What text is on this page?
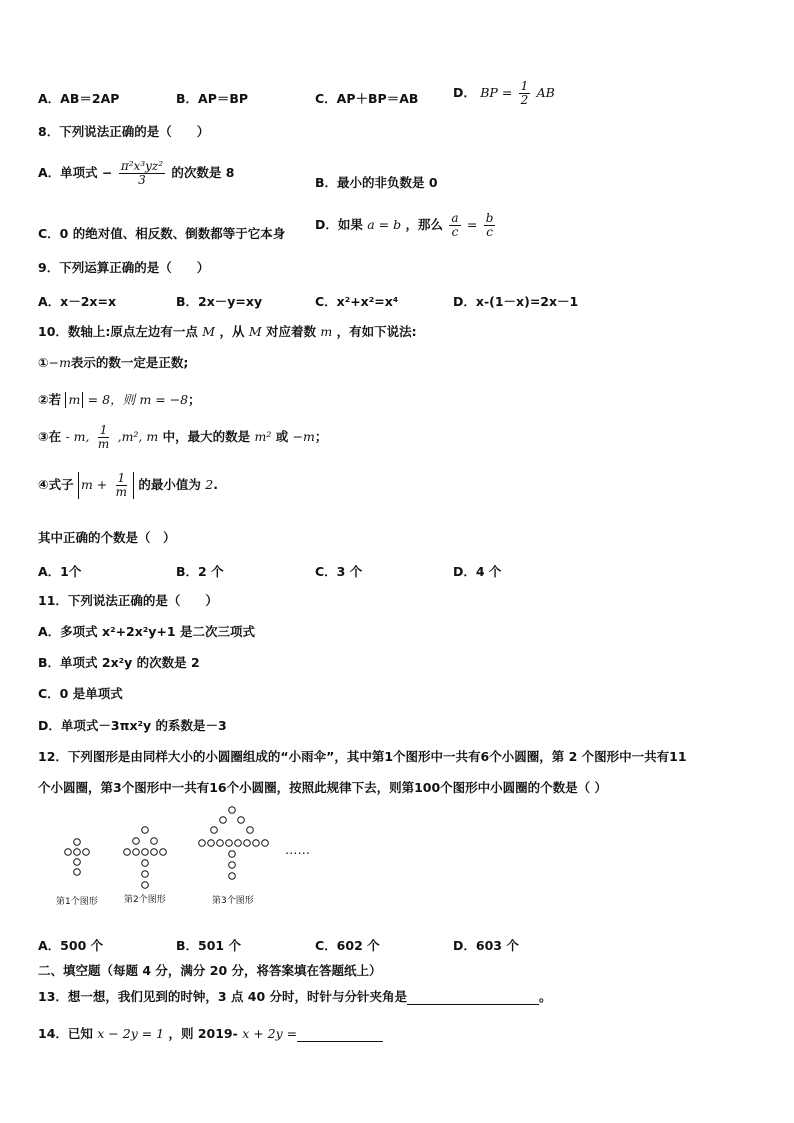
A．AB＝2AP	B．AP＝BP	C．AP＋BP＝AB	D． BP = $\frac{1}{2}$ AB
8．下列说法正确的是（　　）
A．单项式 − $\frac{\text{π²x³yz²}}{3}$ 的次数是 8
B．最小的非负数是 0
C．0 的绝对值、相反数、倒数都等于它本身
D．如果 a = b ，那么 $\frac{a}{c} = \frac{b}{c}$
9．下列运算正确的是（　　）
A．x－2x=x	B．2x－y=xy	C．x²+x²=x⁴	D．x-(1－x)=2x－1
10．数轴上:原点左边有一点 M ，从 M 对应着数 m ，有如下说法:
①−m表示的数一定是正数;
②若 m = 8，则 m = −8；
③在 - m, $\frac{1}{m} ,m^2$, m 中，最大的数是 m² 或 −m；
④式子 $m + \frac{1}{m}$ 的最小值为 2.
其中正确的个数是（　）
A．1个	B．2 个	C．3 个	D．4 个
11．下列说法正确的是（　　）
A．多项式 x²+2x²y+1 是二次三项式
B．单项式 2x²y 的次数是 2
C．0 是单项式
D．单项式－3πx²y 的系数是－3
12．下列图形是由同样大小的小圆圈组成的“小雨伞”，其中第1个图形中一共有6个小圆圈，第 2 个图形中一共有11
个小圆圈，第3个图形中一共有16个小圆圈，按照此规律下去，则第100个图形中小圆圈的个数是（ ）
第1个图形	第2个图形	第3个图形
……
A．500 个	B．501 个	C．602 个	D．603 个
二、填空题（每题 4 分，满分 20 分，将答案填在答题纸上）
13．想一想，我们见到的时钟，3 点 40 分时，时针与分针夹角是	。
14．已知 x − 2y = 1 ，则 2019- x + 2y =
